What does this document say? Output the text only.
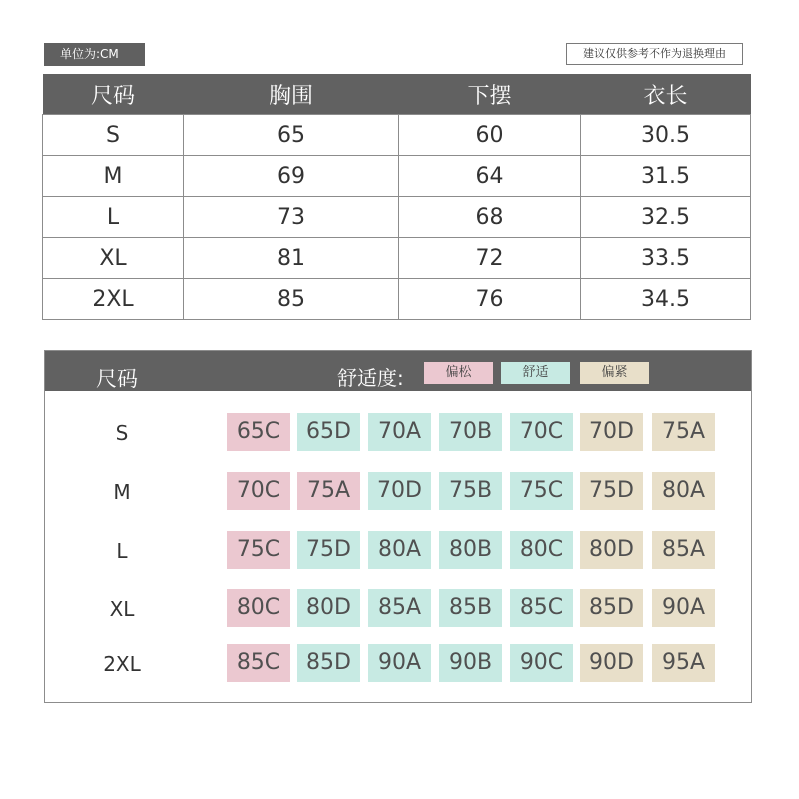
单位为:CM	建议仅供参考不作为退换理由
尺码	胸围	下摆	衣长
S	65	60	30.5
M	69	64	31.5
L	73	68	32.5
XL	81	72	33.5
2XL	85	76	34.5
尺码	舒适度:	偏松	舒适	偏紧
S	65C	65D	70A	70B	70C	70D	75A
M	70C	75A	70D	75B	75C	75D	80A
L	75C	75D	80A	80B	80C	80D	85A
XL	80C	80D	85A	85B	85C	85D	90A
2XL	85C	85D	90A	90B	90C	90D	95A
